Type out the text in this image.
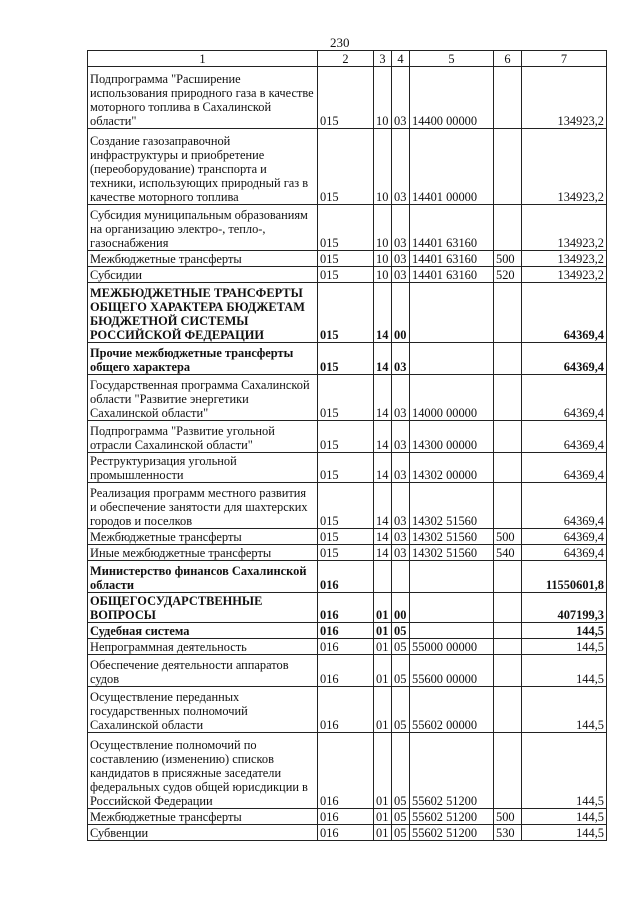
230
1	2	3	4	5	6	7
Подпрограмма "Расширение использования природного газа в качестве моторного топлива в Сахалинской области"	015	10	03	14400 00000		134923,2
Создание газозаправочной инфраструктуры и приобретение (переоборудование) транспорта и техники, использующих природный газ в качестве моторного топлива	015	10	03	14401 00000		134923,2
Субсидия муниципальным образованиям на организацию электро-, тепло-, газоснабжения	015	10	03	14401 63160		134923,2
Межбюджетные трансферты	015	10	03	14401 63160	500	134923,2
Субсидии	015	10	03	14401 63160	520	134923,2
МЕЖБЮДЖЕТНЫЕ ТРАНСФЕРТЫ ОБЩЕГО ХАРАКТЕРА БЮДЖЕТАМ БЮДЖЕТНОЙ СИСТЕМЫ РОССИЙСКОЙ ФЕДЕРАЦИИ	015	14	00			64369,4
Прочие межбюджетные трансферты общего характера	015	14	03			64369,4
Государственная программа Сахалинской области "Развитие энергетики Сахалинской области"	015	14	03	14000 00000		64369,4
Подпрограмма "Развитие угольной отрасли Сахалинской области"	015	14	03	14300 00000		64369,4
Реструктуризация угольной промышленности	015	14	03	14302 00000		64369,4
Реализация программ местного развития и обеспечение занятости для шахтерских городов и поселков	015	14	03	14302 51560		64369,4
Межбюджетные трансферты	015	14	03	14302 51560	500	64369,4
Иные межбюджетные трансферты	015	14	03	14302 51560	540	64369,4
Министерство финансов Сахалинской области	016					11550601,8
ОБЩЕГОСУДАРСТВЕННЫЕ ВОПРОСЫ	016	01	00			407199,3
Судебная система	016	01	05			144,5
Непрограммная деятельность	016	01	05	55000 00000		144,5
Обеспечение деятельности аппаратов судов	016	01	05	55600 00000		144,5
Осуществление переданных государственных полномочий Сахалинской области	016	01	05	55602 00000		144,5
Осуществление полномочий по составлению (изменению) списков кандидатов в присяжные заседатели федеральных судов общей юрисдикции в Российской Федерации	016	01	05	55602 51200		144,5
Межбюджетные трансферты	016	01	05	55602 51200	500	144,5
Субвенции	016	01	05	55602 51200	530	144,5
